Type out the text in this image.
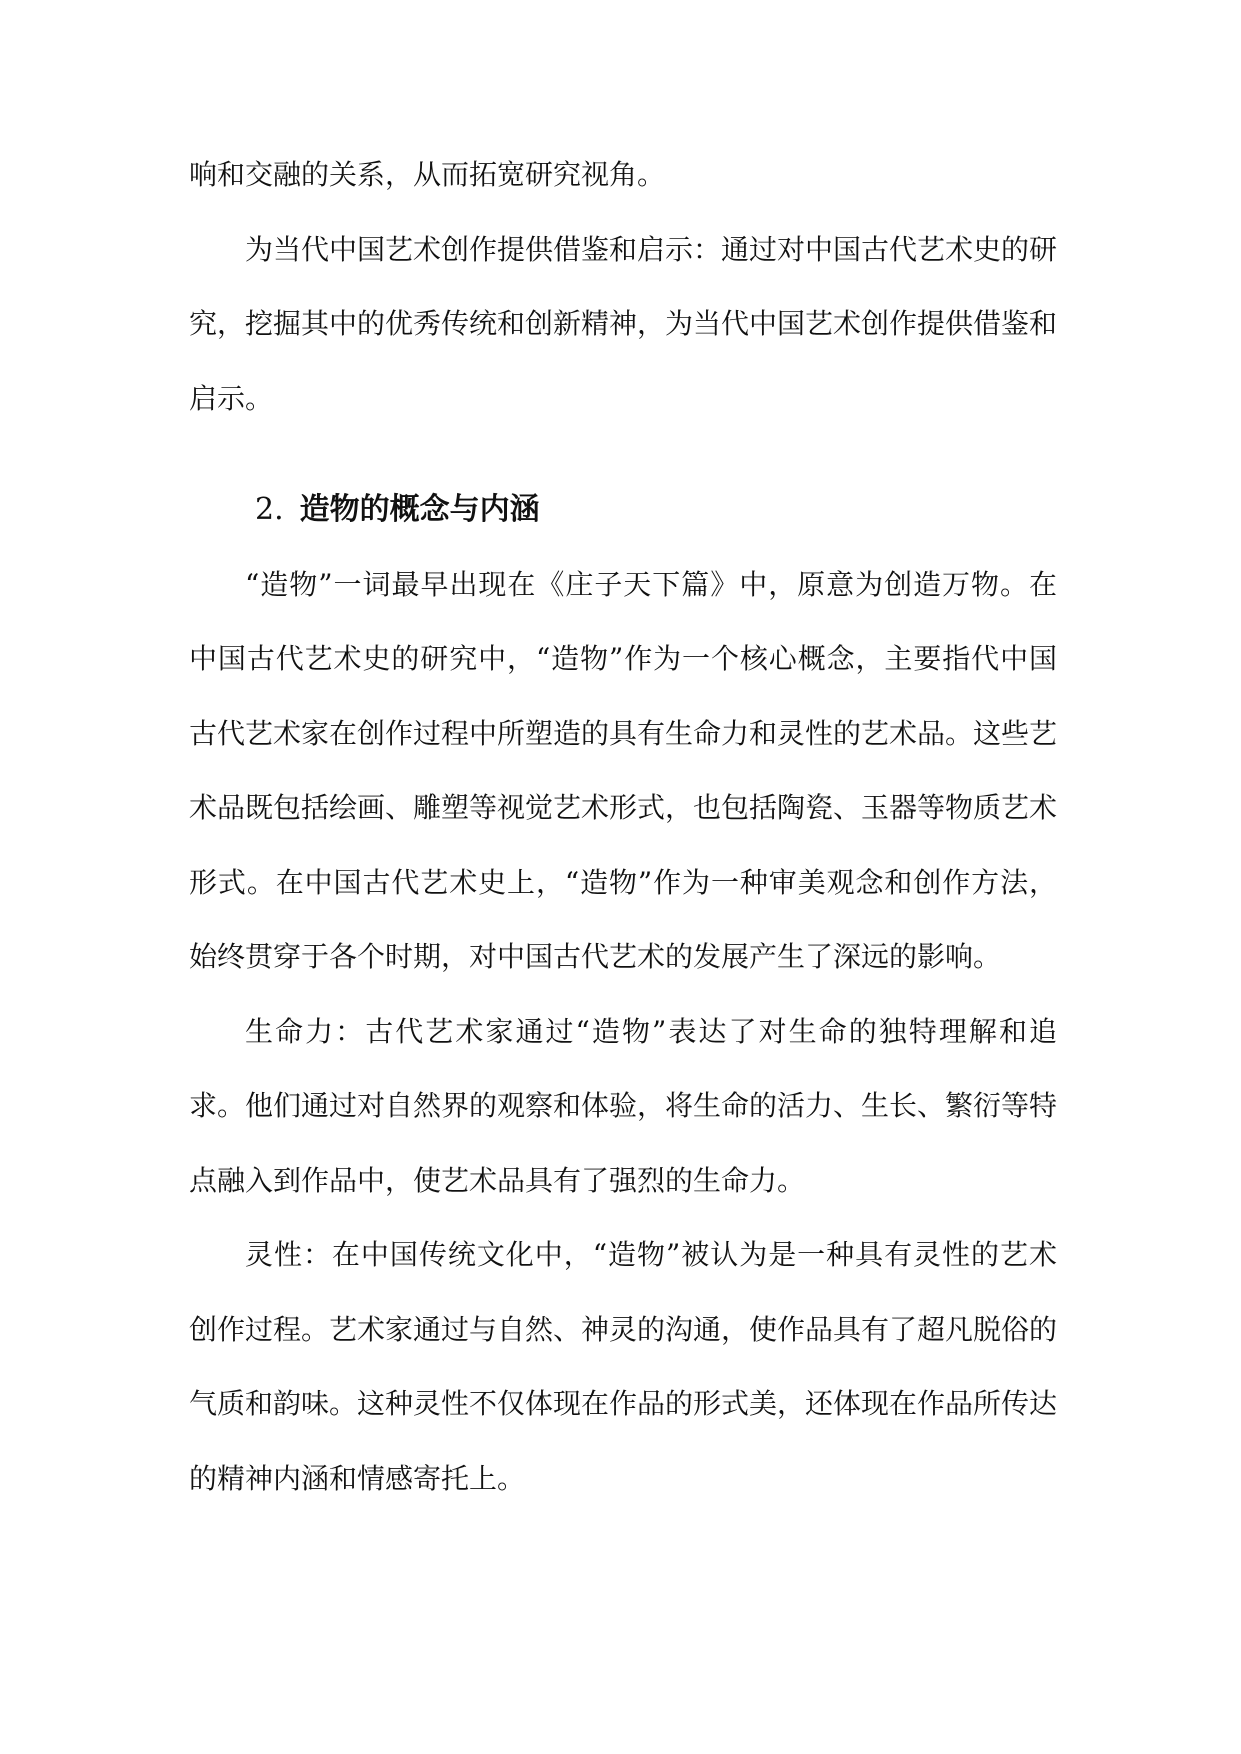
响和交融的关系，从而拓宽研究视角。

为当代中国艺术创作提供借鉴和启示：通过对中国古代艺术史的研究，挖掘其中的优秀传统和创新精神，为当代中国艺术创作提供借鉴和启示。

2. 造物的概念与内涵

“造物”一词最早出现在《庄子天下篇》中，原意为创造万物。在中国古代艺术史的研究中，“造物”作为一个核心概念，主要指代中国古代艺术家在创作过程中所塑造的具有生命力和灵性的艺术品。这些艺术品既包括绘画、雕塑等视觉艺术形式，也包括陶瓷、玉器等物质艺术形式。在中国古代艺术史上，“造物”作为一种审美观念和创作方法，始终贯穿于各个时期，对中国古代艺术的发展产生了深远的影响。

生命力：古代艺术家通过“造物”表达了对生命的独特理解和追求。他们通过对自然界的观察和体验，将生命的活力、生长、繁衍等特点融入到作品中，使艺术品具有了强烈的生命力。

灵性：在中国传统文化中，“造物”被认为是一种具有灵性的艺术创作过程。艺术家通过与自然、神灵的沟通，使作品具有了超凡脱俗的气质和韵味。这种灵性不仅体现在作品的形式美，还体现在作品所传达的精神内涵和情感寄托上。
